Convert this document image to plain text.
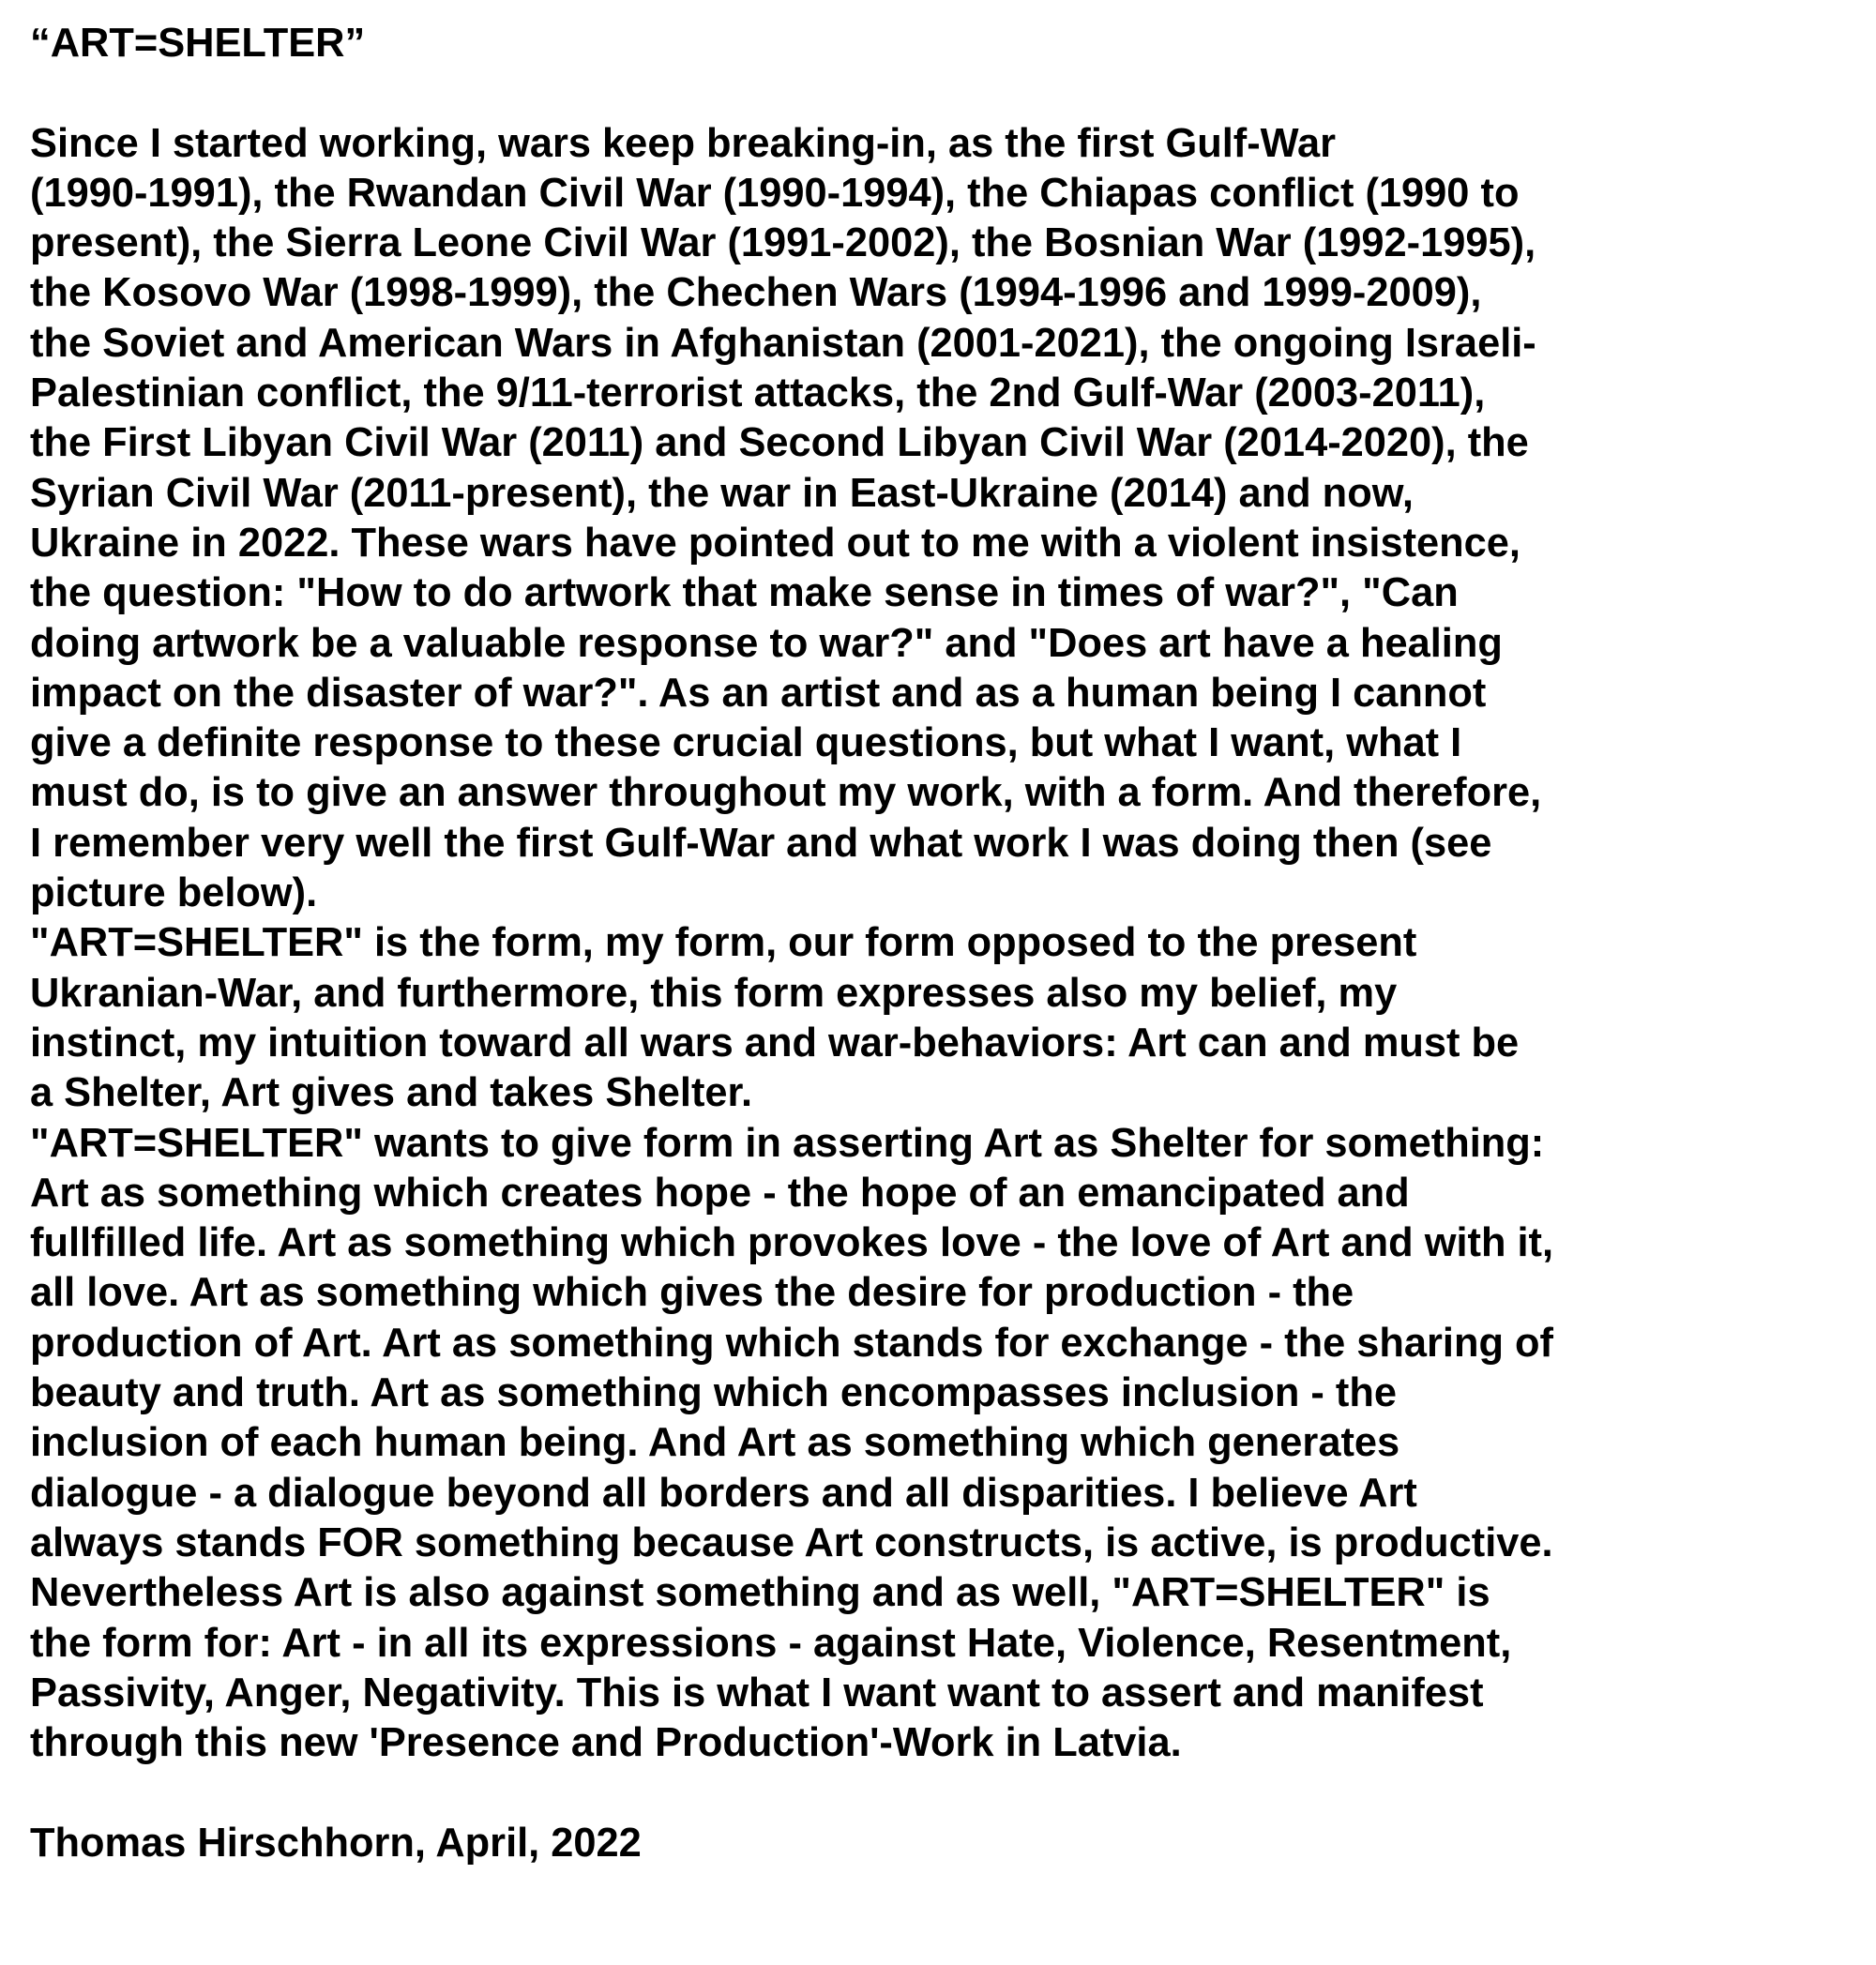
“ART=SHELTER”
Since I started working, wars keep breaking-in, as the first Gulf-War
(1990-1991), the Rwandan Civil War (1990-1994), the Chiapas conflict (1990 to
present), the Sierra Leone Civil War (1991-2002), the Bosnian War (1992-1995),
the Kosovo War (1998-1999), the Chechen Wars (1994-1996 and 1999-2009),
the Soviet and American Wars in Afghanistan (2001-2021), the ongoing Israeli-
Palestinian conflict, the 9/11-terrorist attacks, the 2nd Gulf-War (2003-2011),
the First Libyan Civil War (2011) and Second Libyan Civil War (2014-2020), the
Syrian Civil War (2011-present), the war in East-Ukraine (2014) and now,
Ukraine in 2022. These wars have pointed out to me with a violent insistence,
the question: "How to do artwork that make sense in times of war?", "Can
doing artwork be a valuable response to war?" and "Does art have a healing
impact on the disaster of war?". As an artist and as a human being I cannot
give a definite response to these crucial questions, but what I want, what I
must do, is to give an answer throughout my work, with a form. And therefore,
I remember very well the first Gulf-War and what work I was doing then (see
picture below).
"ART=SHELTER" is the form, my form, our form opposed to the present
Ukranian-War, and furthermore, this form expresses also my belief, my
instinct, my intuition toward all wars and war-behaviors: Art can and must be
a Shelter, Art gives and takes Shelter.
"ART=SHELTER" wants to give form in asserting Art as Shelter for something:
Art as something which creates hope - the hope of an emancipated and
fullfilled life. Art as something which provokes love - the love of Art and with it,
all love. Art as something which gives the desire for production - the
production of Art. Art as something which stands for exchange - the sharing of
beauty and truth. Art as something which encompasses inclusion - the
inclusion of each human being. And Art as something which generates
dialogue - a dialogue beyond all borders and all disparities. I believe Art
always stands FOR something because Art constructs, is active, is productive.
Nevertheless Art is also against something and as well, "ART=SHELTER" is
the form for: Art - in all its expressions - against Hate, Violence, Resentment,
Passivity, Anger, Negativity. This is what I want want to assert and manifest
through this new 'Presence and Production'-Work in Latvia.
Thomas Hirschhorn, April, 2022
